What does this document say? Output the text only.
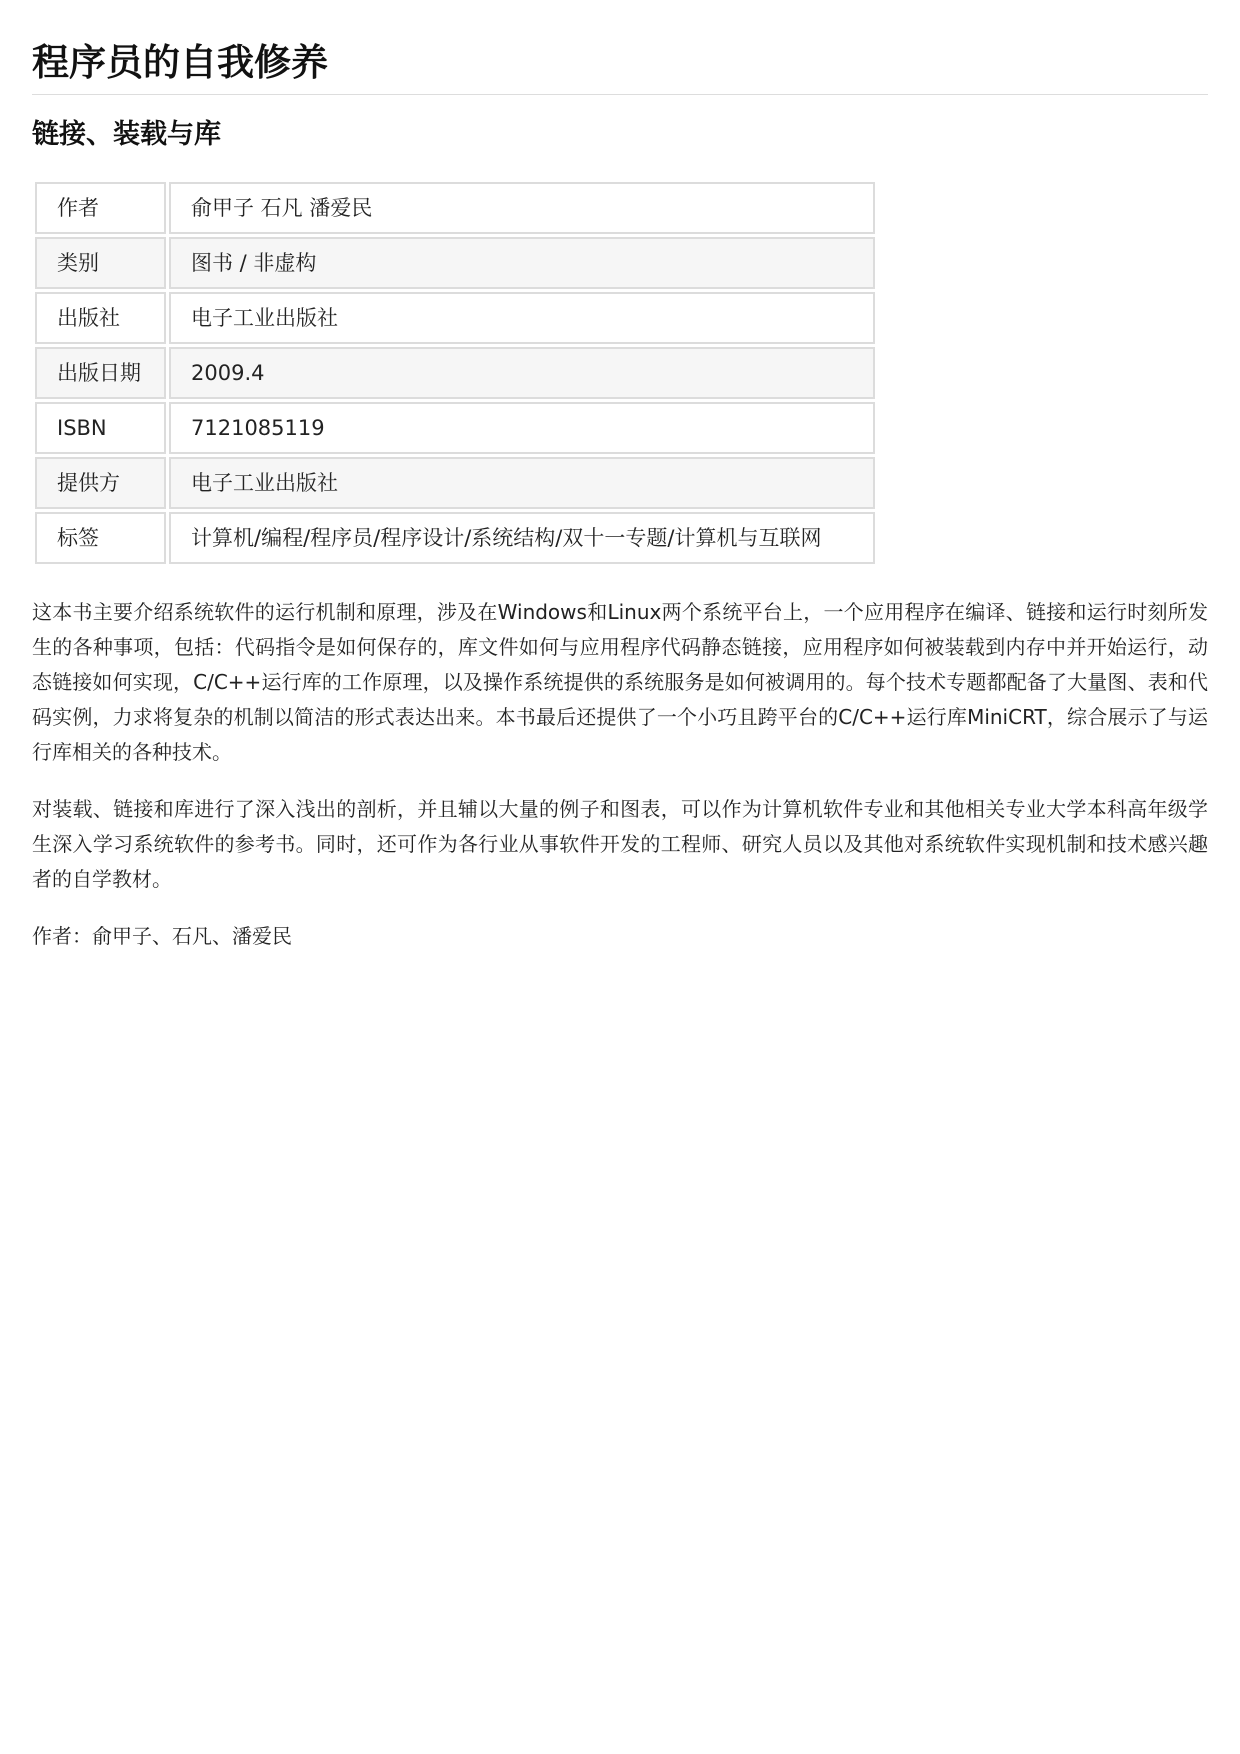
程序员的自我修养
链接、装载与库
作者	俞甲子 石凡 潘爱民
类别	图书 / 非虚构
出版社	电子工业出版社
出版日期	2009.4
ISBN	7121085119
提供方	电子工业出版社
标签	计算机/编程/程序员/程序设计/系统结构/双十一专题/计算机与互联网

这本书主要介绍系统软件的运行机制和原理，涉及在Windows和Linux两个系统平台上，一个应用程序在编译、链接和运行时刻所发生的各种事项，包括：代码指令是如何保存的，库文件如何与应用程序代码静态链接，应用程序如何被装载到内存中并开始运行，动态链接如何实现，C/C++运行库的工作原理，以及操作系统提供的系统服务是如何被调用的。每个技术专题都配备了大量图、表和代码实例，力求将复杂的机制以简洁的形式表达出来。本书最后还提供了一个小巧且跨平台的C/C++运行库MiniCRT，综合展示了与运行库相关的各种技术。

对装载、链接和库进行了深入浅出的剖析，并且辅以大量的例子和图表，可以作为计算机软件专业和其他相关专业大学本科高年级学生深入学习系统软件的参考书。同时，还可作为各行业从事软件开发的工程师、研究人员以及其他对系统软件实现机制和技术感兴趣者的自学教材。

作者：俞甲子、石凡、潘爱民
